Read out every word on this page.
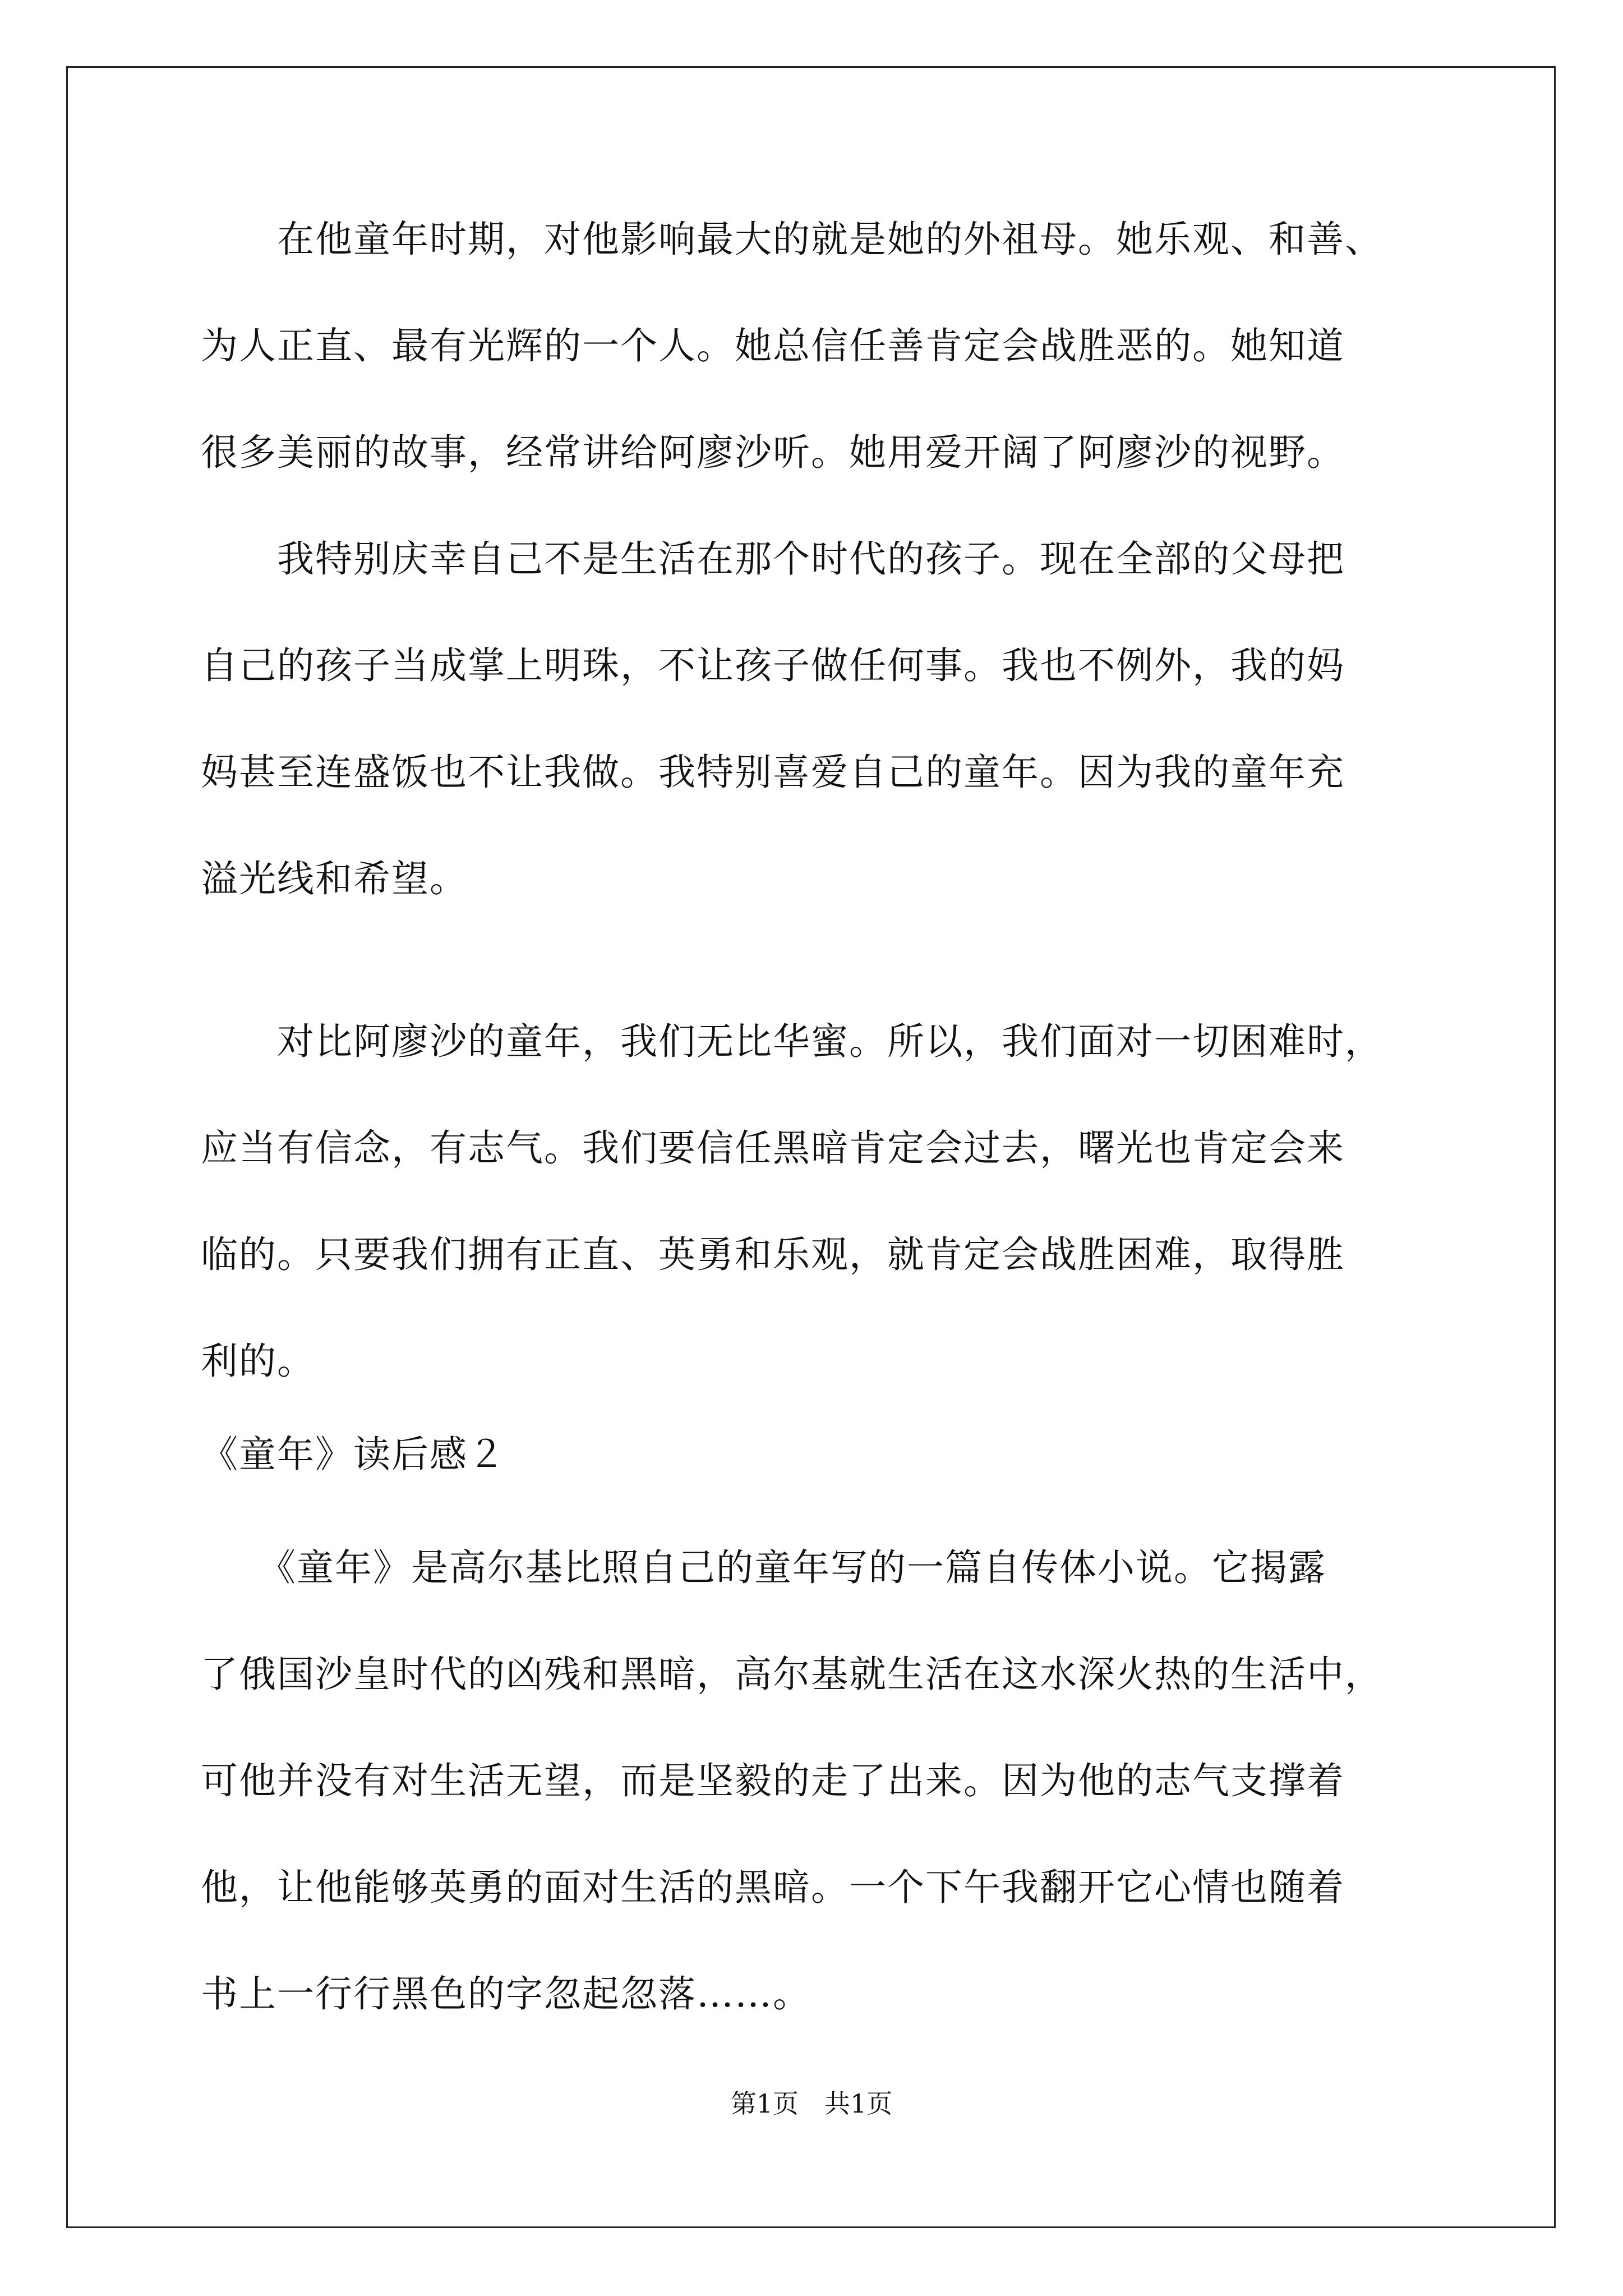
　　在他童年时期，对他影响最大的就是她的外祖母。她乐观、和善、
为人正直、最有光辉的一个人。她总信任善肯定会战胜恶的。她知道
很多美丽的故事，经常讲给阿廖沙听。她用爱开阔了阿廖沙的视野。
　　我特别庆幸自己不是生活在那个时代的孩子。现在全部的父母把
自己的孩子当成掌上明珠，不让孩子做任何事。我也不例外，我的妈
妈甚至连盛饭也不让我做。我特别喜爱自己的童年。因为我的童年充
溢光线和希望。
　　对比阿廖沙的童年，我们无比华蜜。所以，我们面对一切困难时，
应当有信念，有志气。我们要信任黑暗肯定会过去，曙光也肯定会来
临的。只要我们拥有正直、英勇和乐观，就肯定会战胜困难，取得胜
利的。
《童年》读后感２
　　《童年》是高尔基比照自己的童年写的一篇自传体小说。它揭露
了俄国沙皇时代的凶残和黑暗，高尔基就生活在这水深火热的生活中，
可他并没有对生活无望，而是坚毅的走了出来。因为他的志气支撑着
他，让他能够英勇的面对生活的黑暗。一个下午我翻开它心情也随着
书上一行行黑色的字忽起忽落……。
第1页　共1页
